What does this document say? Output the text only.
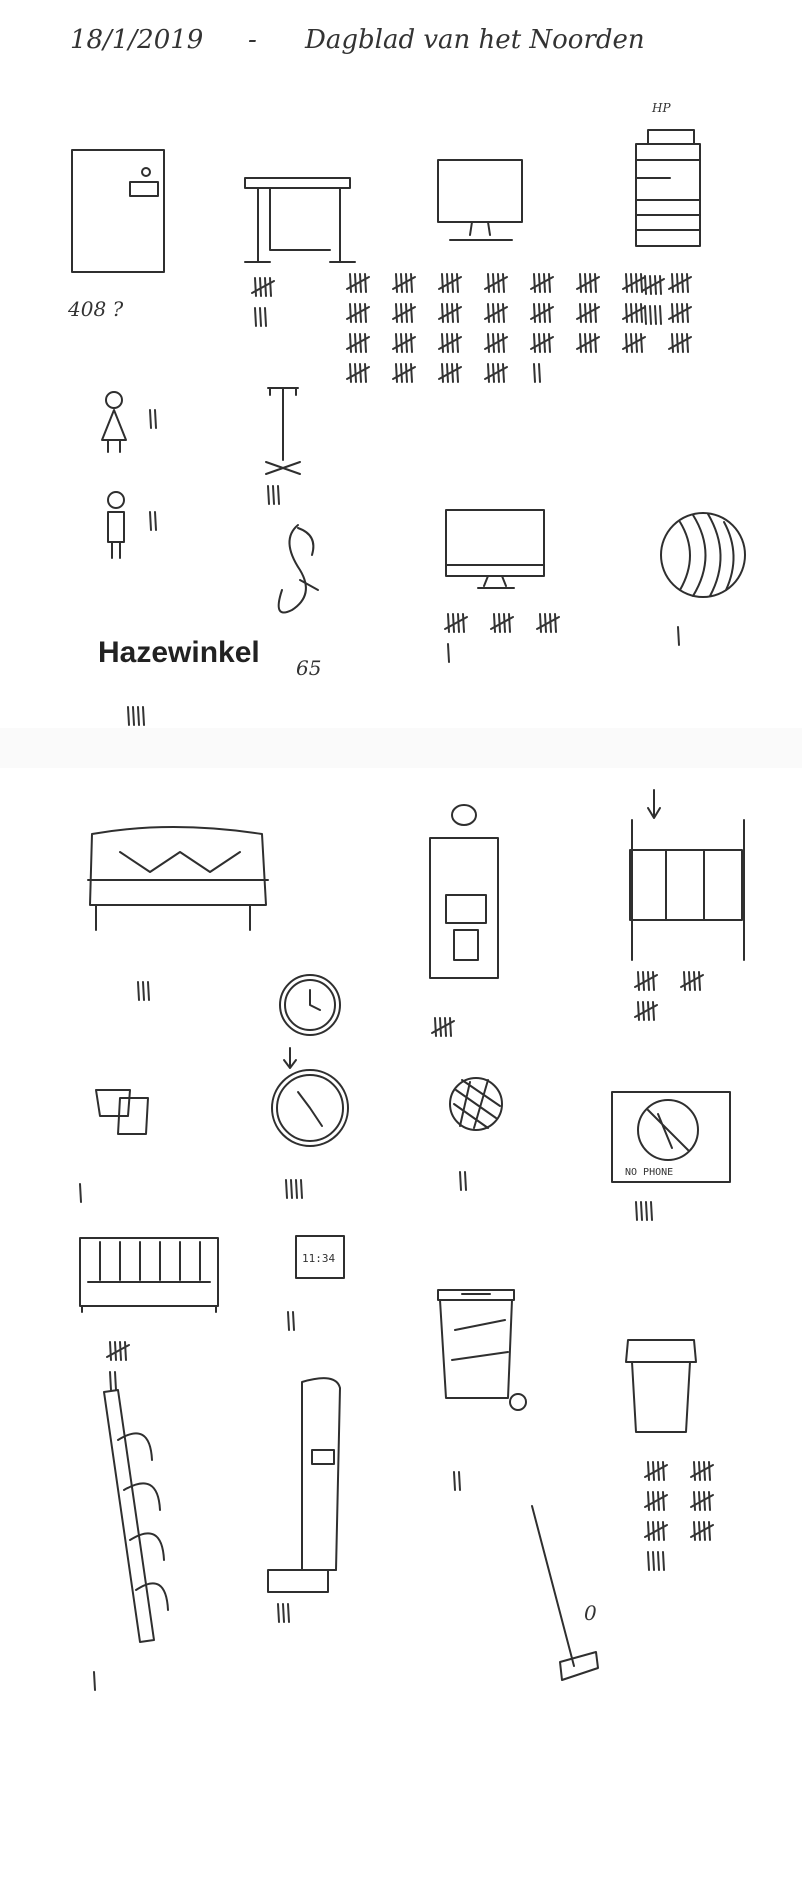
18/1/2019 - Dagblad van het Noorden
408 ?
HP
65
Hazewinkel
NO PHONE
11:34
0
